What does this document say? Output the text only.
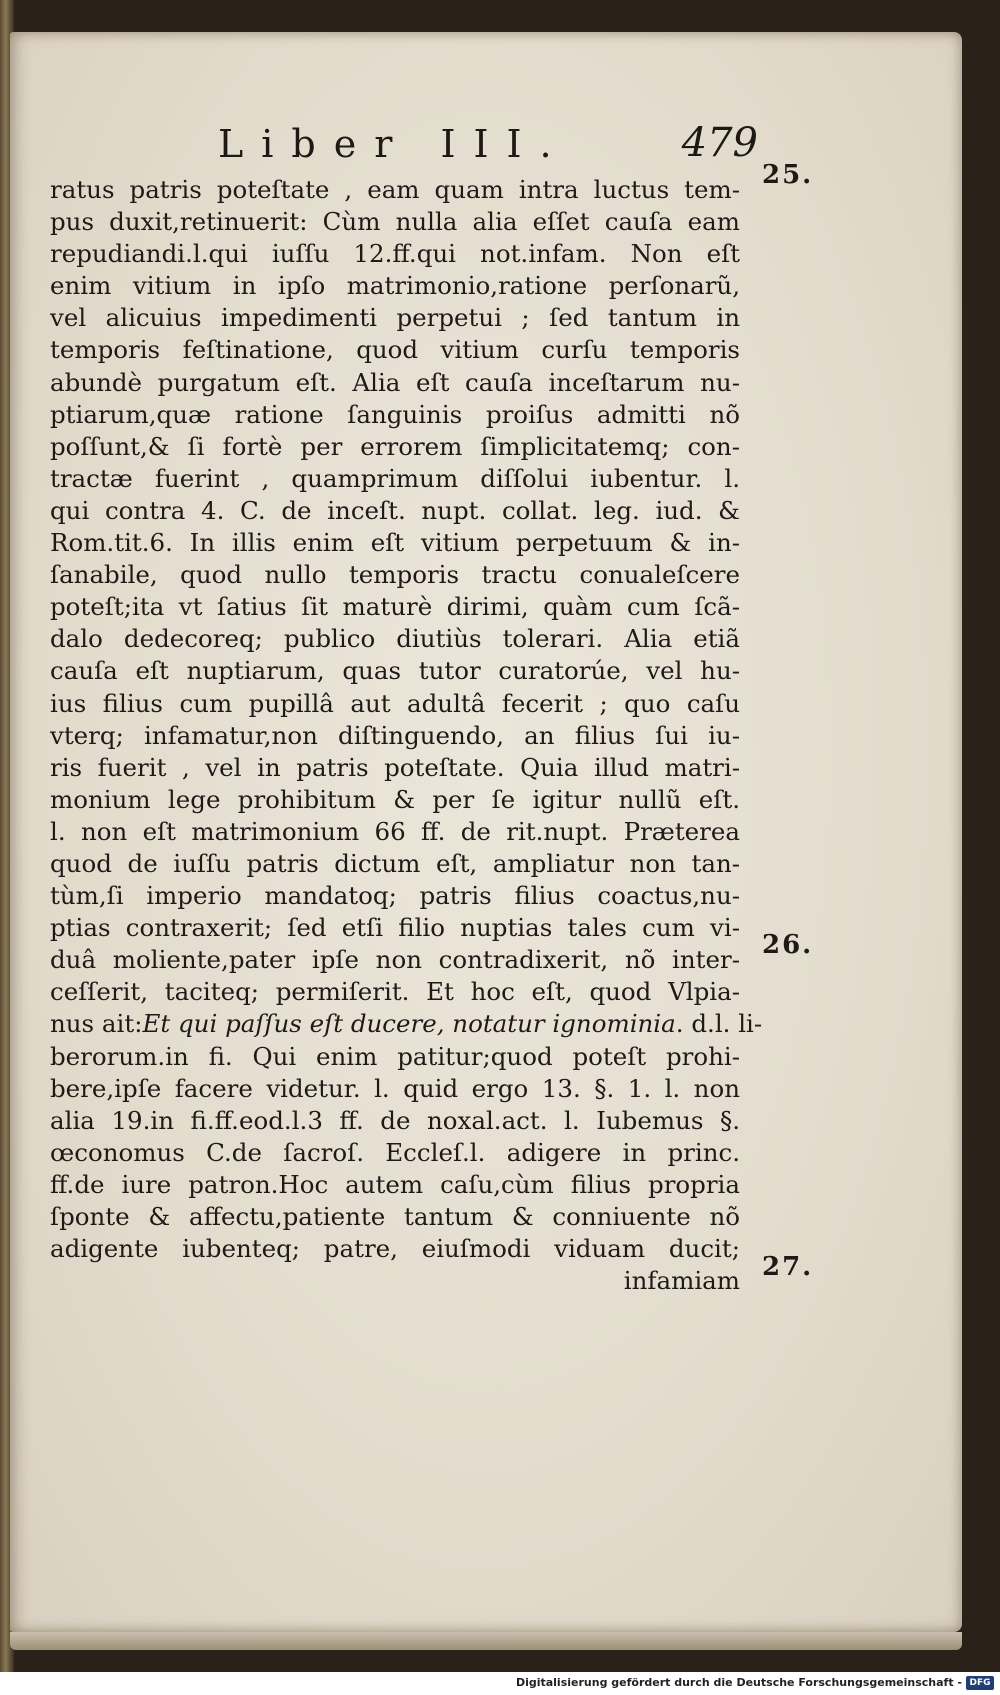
Liber III.	479
ratus patris poteſtate , eam quam intra luctus tem-
pus duxit,retinuerit: Cùm nulla alia eſſet cauſa eam
repudiandi.l.qui iuſſu 12.ff.qui not.infam. Non eſt
enim vitium in ipſo matrimonio,ratione perſonarũ,
vel alicuius impedimenti perpetui ; ſed tantum in
temporis feſtinatione, quod vitium curſu temporis
abundè purgatum eſt. Alia eſt cauſa inceſtarum nu-
ptiarum,quæ ratione ſanguinis proiſus admitti nõ
poſſunt,& ſi fortè per errorem ſimplicitatemq; con-
tractæ fuerint , quamprimum diſſolui iubentur. l.
qui contra 4. C. de inceſt. nupt. collat. leg. iud. &
Rom.tit.6. In illis enim eſt vitium perpetuum & in-
ſanabile, quod nullo temporis tractu conualeſcere
poteſt;ita vt ſatius ſit maturè dirimi, quàm cum ſcã-
dalo dedecoreq; publico diutiùs tolerari. Alia etiã
cauſa eſt nuptiarum, quas tutor curatorúe, vel hu-
ius filius cum pupillâ aut adultâ fecerit ; quo caſu
vterq; infamatur,non diſtinguendo, an filius ſui iu-
ris fuerit , vel in patris poteſtate. Quia illud matri-
monium lege prohibitum & per ſe igitur nullũ eſt.
l. non eſt matrimonium 66 ff. de rit.nupt. Præterea
quod de iuſſu patris dictum eſt, ampliatur non tan-
tùm,ſi imperio mandatoq; patris filius coactus,nu-
ptias contraxerit; ſed etſi filio nuptias tales cum vi-
duâ moliente,pater ipſe non contradixerit, nõ inter-
ceſſerit, taciteq; permiſerit. Et hoc eſt, quod Vlpia-
nus ait:Et qui paſſus eſt ducere, notatur ignominia. d.l. li-
berorum.in fi. Qui enim patitur;quod poteſt prohi-
bere,ipſe facere videtur. l. quid ergo 13. §. 1. l. non
alia 19.in fi.ff.eod.l.3 ff. de noxal.act. l. Iubemus §.
œconomus C.de ſacroſ. Eccleſ.l. adigere in princ.
ff.de iure patron.Hoc autem caſu,cùm filius propria
ſponte & affectu,patiente tantum & conniuente nõ
adigente iubenteq; patre, eiuſmodi viduam ducit;
infamiam
25.
26.
27.
Digitalisierung gefördert durch die Deutsche Forschungsgemeinschaft - DFG
